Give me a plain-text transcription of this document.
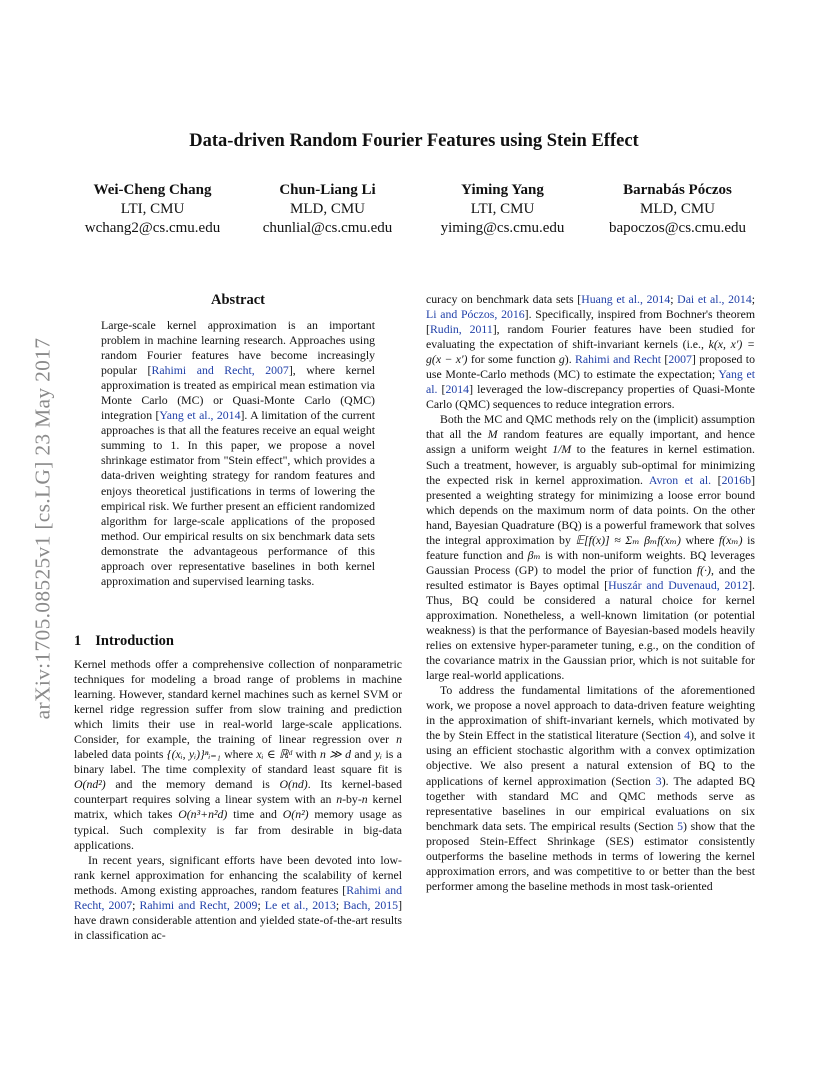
arXiv:1705.08525v1 [cs.LG] 23 May 2017
Data-driven Random Fourier Features using Stein Effect
Wei-Cheng Chang
LTI, CMU
wchang2@cs.cmu.edu
Chun-Liang Li
MLD, CMU
chunlial@cs.cmu.edu
Yiming Yang
LTI, CMU
yiming@cs.cmu.edu
Barnabás Póczos
MLD, CMU
bapoczos@cs.cmu.edu
Abstract
Large-scale kernel approximation is an important problem in machine learning research. Approaches using random Fourier features have become increasingly popular [Rahimi and Recht, 2007], where kernel approximation is treated as empirical mean estimation via Monte Carlo (MC) or Quasi-Monte Carlo (QMC) integration [Yang et al., 2014]. A limitation of the current approaches is that all the features receive an equal weight summing to 1. In this paper, we propose a novel shrinkage estimator from "Stein effect", which provides a data-driven weighting strategy for random features and enjoys theoretical justifications in terms of lowering the empirical risk. We further present an efficient randomized algorithm for large-scale applications of the proposed method. Our empirical results on six benchmark data sets demonstrate the advantageous performance of this approach over representative baselines in both kernel approximation and supervised learning tasks.
1 Introduction

Kernel methods offer a comprehensive collection of nonparametric techniques for modeling a broad range of problems in machine learning. However, standard kernel machines such as kernel SVM or kernel ridge regression suffer from slow training and prediction which limits their use in real-world large-scale applications. Consider, for example, the training of linear regression over n labeled data points {(xᵢ, yᵢ)}ⁿᵢ₌₁ where xᵢ ∈ ℝᵈ with n ≫ d and yᵢ is a binary label. The time complexity of standard least square fit is O(nd²) and the memory demand is O(nd). Its kernel-based counterpart requires solving a linear system with an n-by-n kernel matrix, which takes O(n³+n²d) time and O(n²) memory usage as typical. Such complexity is far from desirable in big-data applications.

In recent years, significant efforts have been devoted into low-rank kernel approximation for enhancing the scalability of kernel methods. Among existing approaches, random features [Rahimi and Recht, 2007; Rahimi and Recht, 2009; Le et al., 2013; Bach, 2015] have drawn considerable attention and yielded state-of-the-art results in classification ac-

curacy on benchmark data sets [Huang et al., 2014; Dai et al., 2014; Li and Póczos, 2016]. Specifically, inspired from Bochner's theorem [Rudin, 2011], random Fourier features have been studied for evaluating the expectation of shift-invariant kernels (i.e., k(x, x′) = g(x − x′) for some function g). Rahimi and Recht [2007] proposed to use Monte-Carlo methods (MC) to estimate the expectation; Yang et al. [2014] leveraged the low-discrepancy properties of Quasi-Monte Carlo (QMC) sequences to reduce integration errors.

Both the MC and QMC methods rely on the (implicit) assumption that all the M random features are equally important, and hence assign a uniform weight 1/M to the features in kernel estimation. Such a treatment, however, is arguably sub-optimal for minimizing the expected risk in kernel approximation. Avron et al. [2016b] presented a weighting strategy for minimizing a loose error bound which depends on the maximum norm of data points. On the other hand, Bayesian Quadrature (BQ) is a powerful framework that solves the integral approximation by 𝔼[f(x)] ≈ Σₘ βₘf(xₘ) where f(xₘ) is feature function and βₘ is with non-uniform weights. BQ leverages Gaussian Process (GP) to model the prior of function f(·), and the resulted estimator is Bayes optimal [Huszár and Duvenaud, 2012]. Thus, BQ could be considered a natural choice for kernel approximation. Nonetheless, a well-known limitation (or potential weakness) is that the performance of Bayesian-based models heavily relies on extensive hyper-parameter tuning, e.g., on the condition of the covariance matrix in the Gaussian prior, which is not suitable for large real-world applications.

To address the fundamental limitations of the aforementioned work, we propose a novel approach to data-driven feature weighting in the approximation of shift-invariant kernels, which motivated by the by Stein Effect in the statistical literature (Section 4), and solve it using an efficient stochastic algorithm with a convex optimization objective. We also present a natural extension of BQ to the applications of kernel approximation (Section 3). The adapted BQ together with standard MC and QMC methods serve as representative baselines in our empirical evaluations on six benchmark data sets. The empirical results (Section 5) show that the proposed Stein-Effect Shrinkage (SES) estimator consistently outperforms the baseline methods in terms of lowering the kernel approximation errors, and was competitive to or better than the best performer among the baseline methods in most task-oriented
